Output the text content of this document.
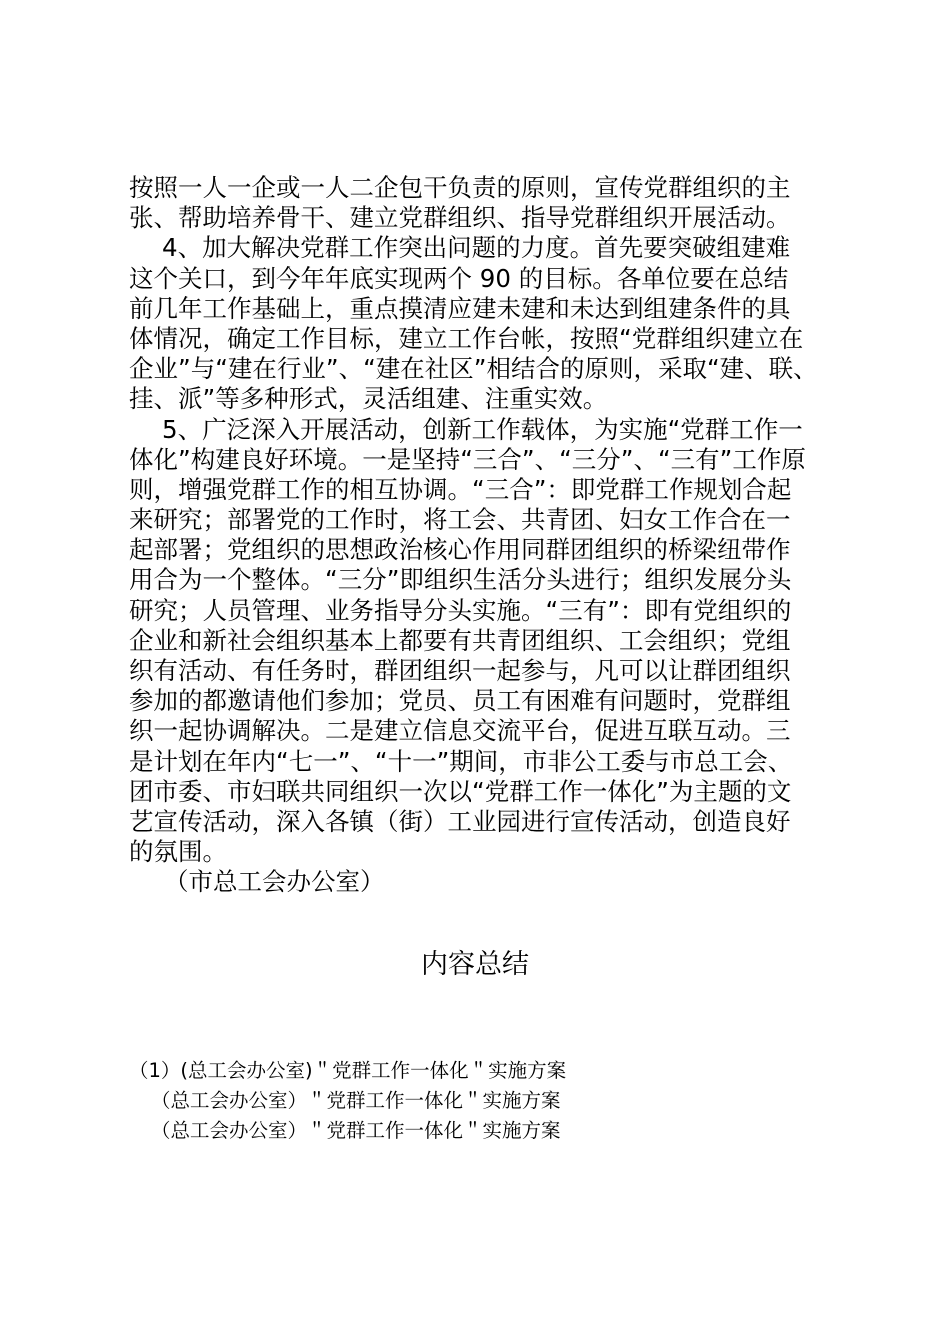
按照一人一企或一人二企包干负责的原则，宣传党群组织的主
张、帮助培养骨干、建立党群组织、指导党群组织开展活动。
4、加大解决党群工作突出问题的力度。首先要突破组建难
这个关口，到今年年底实现两个 90 的目标。各单位要在总结
前几年工作基础上，重点摸清应建未建和未达到组建条件的具
体情况，确定工作目标，建立工作台帐，按照“党群组织建立在
企业”与“建在行业”、“建在社区”相结合的原则，采取“建、联、
挂、派”等多种形式，灵活组建、注重实效。
5、广泛深入开展活动，创新工作载体，为实施“党群工作一
体化”构建良好环境。一是坚持“三合”、“三分”、“三有”工作原
则，增强党群工作的相互协调。“三合”：即党群工作规划合起
来研究；部署党的工作时，将工会、共青团、妇女工作合在一
起部署；党组织的思想政治核心作用同群团组织的桥梁纽带作
用合为一个整体。“三分”即组织生活分头进行；组织发展分头
研究；人员管理、业务指导分头实施。“三有”：即有党组织的
企业和新社会组织基本上都要有共青团组织、工会组织；党组
织有活动、有任务时，群团组织一起参与，凡可以让群团组织
参加的都邀请他们参加；党员、员工有困难有问题时，党群组
织一起协调解决。二是建立信息交流平台，促进互联互动。三
是计划在年内“七一”、“十一”期间，市非公工委与市总工会、
团市委、市妇联共同组织一次以“党群工作一体化”为主题的文
艺宣传活动，深入各镇（街）工业园进行宣传活动，创造良好
的氛围。
（市总工会办公室）
内容总结
（1）(总工会办公室)＂党群工作一体化＂实施方案
（总工会办公室）＂党群工作一体化＂实施方案
（总工会办公室）＂党群工作一体化＂实施方案
